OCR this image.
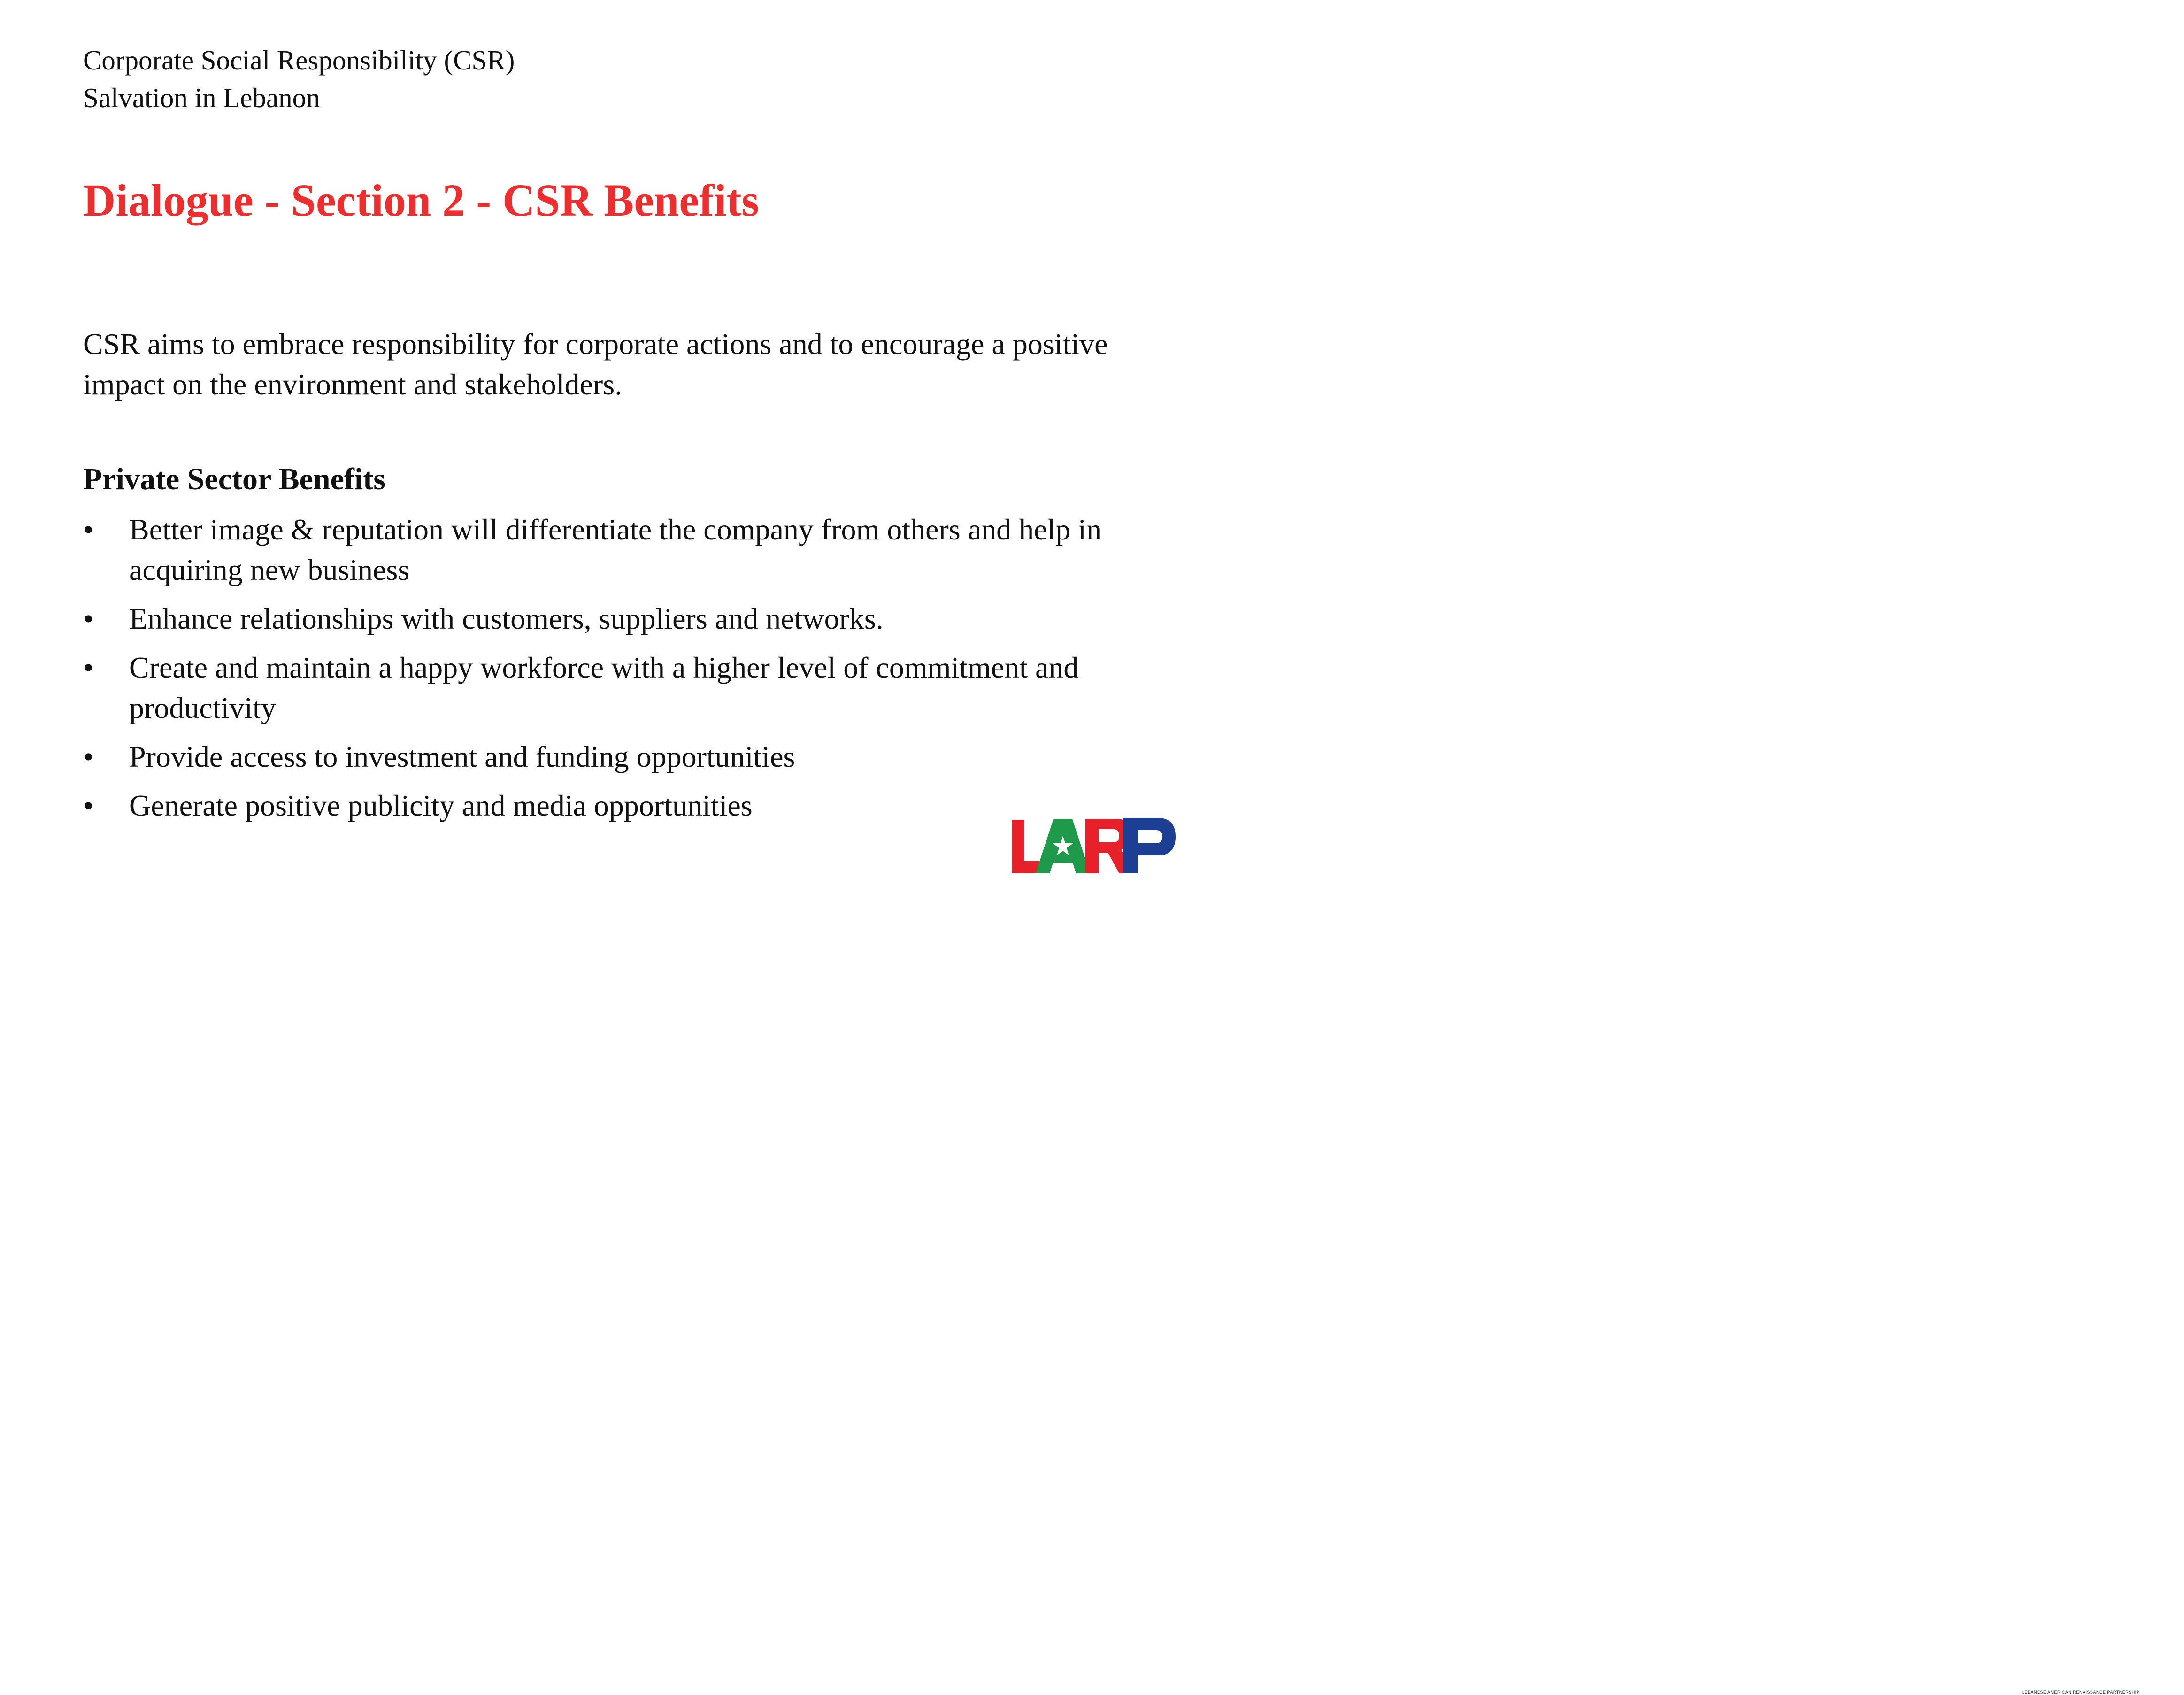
Corporate Social Responsibility (CSR)
Salvation in Lebanon
Dialogue - Section 2 - CSR Benefits

CSR aims to embrace responsibility for corporate actions and to encourage a positive impact on the environment and stakeholders.

Private Sector Benefits
• Better image & reputation will differentiate the company from others and help in acquiring new business
• Enhance relationships with customers, suppliers and networks.
• Create and maintain a happy workforce with a higher level of commitment and productivity
• Provide access to investment and funding opportunities
• Generate positive publicity and media opportunities
LEBANESE AMERICAN RENAISSANCE PARTNERSHIP
